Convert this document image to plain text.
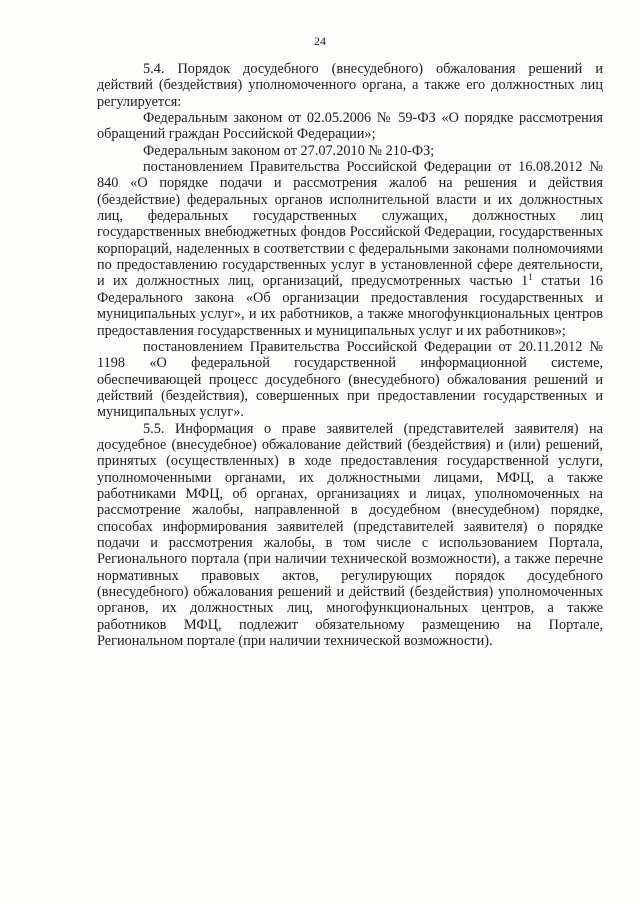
24

5.4. Порядок досудебного (внесудебного) обжалования решений и действий (бездействия) уполномоченного органа, а также его должностных лиц регулируется:

Федеральным законом от 02.05.2006 № 59-ФЗ «О порядке рассмотрения обращений граждан Российской Федерации»;

Федеральным законом от 27.07.2010 № 210-ФЗ;

постановлением Правительства Российской Федерации от 16.08.2012 № 840 «О порядке подачи и рассмотрения жалоб на решения и действия (бездействие) федеральных органов исполнительной власти и их должностных лиц, федеральных государственных служащих, должностных лиц государственных внебюджетных фондов Российской Федерации, государственных корпораций, наделенных в соответствии с федеральными законами полномочиями по предоставлению государственных услуг в установленной сфере деятельности, и их должностных лиц, организаций, предусмотренных частью $1^1$ статьи 16 Федерального закона «Об организации предоставления государственных и муниципальных услуг», и их работников, а также многофункциональных центров предоставления государственных и муниципальных услуг и их работников»;

постановлением Правительства Российской Федерации от 20.11.2012 № 1198 «О федеральной государственной информационной системе, обеспечивающей процесс досудебного (внесудебного) обжалования решений и действий (бездействия), совершенных при предоставлении государственных и муниципальных услуг».

5.5. Информация о праве заявителей (представителей заявителя) на досудебное (внесудебное) обжалование действий (бездействия) и (или) решений, принятых (осуществленных) в ходе предоставления государственной услуги, уполномоченными органами, их должностными лицами, МФЦ, а также работниками МФЦ, об органах, организациях и лицах, уполномоченных на рассмотрение жалобы, направленной в досудебном (внесудебном) порядке, способах информирования заявителей (представителей заявителя) о порядке подачи и рассмотрения жалобы, в том числе с использованием Портала, Регионального портала (при наличии технической возможности), а также перечне нормативных правовых актов, регулирующих порядок досудебного (внесудебного) обжалования решений и действий (бездействия) уполномоченных органов, их должностных лиц, многофункциональных центров, а также работников МФЦ, подлежит обязательному размещению на Портале, Региональном портале (при наличии технической возможности).
